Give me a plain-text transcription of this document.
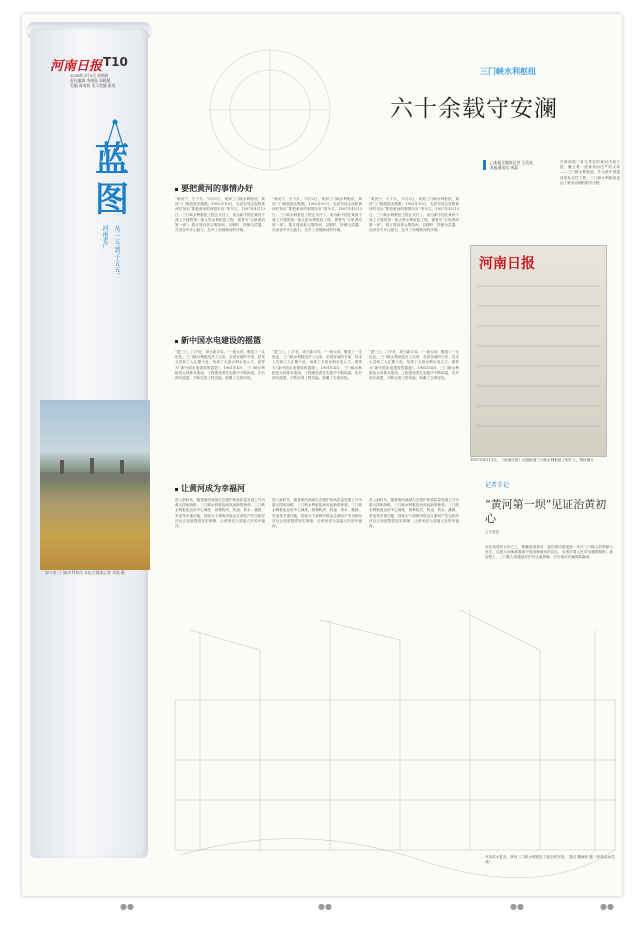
河南日报 T10
2026年3月5日 星期四
责任编辑 李晓嘉 周媛媛
美编 周鸿斌 见习美编 张冉
蓝图
河南老广 从‘一五’到‘十五五’
如今的三门峡水利枢纽 本报全媒体记者 邓放 摄
三门峡水利枢纽
六十余载守安澜
□本报全媒体记者 王昊亮
本报通讯员 周蕊
在黄河陕三省交界处的黄河中游下段，矗立着一座雄伟而庄严的大坝——三门峡水利枢纽。作为新中国建设的标志性工程，三门峡水利枢纽见证了黄河治理的艰辛历程。
要把黄河的事情办好
“黄河宁，天下平。”3月2日，来到三门峡水利枢纽，黄河三门峡段波光粼粼。1952年10月，毛泽东同志视察黄河时发出“要把黄河的事情办好”的号召。1957年4月13日，三门峡水利枢纽工程正式开工，成为新中国在黄河干流上兴建的第一座大型水利枢纽工程，被誉为“万里黄河第一坝”。数万建设者云集陕州，以钢钎、铁锤为武器，在河谷中开山凿石，拉开了治理黄河的序幕。
“黄河宁，天下平。”3月2日，来到三门峡水利枢纽，黄河三门峡段波光粼粼。1952年10月，毛泽东同志视察黄河时发出“要把黄河的事情办好”的号召。1957年4月13日，三门峡水利枢纽工程正式开工，成为新中国在黄河干流上兴建的第一座大型水利枢纽工程，被誉为“万里黄河第一坝”。数万建设者云集陕州，以钢钎、铁锤为武器，在河谷中开山凿石，拉开了治理黄河的序幕。
“黄河宁，天下平。”3月2日，来到三门峡水利枢纽，黄河三门峡段波光粼粼。1952年10月，毛泽东同志视察黄河时发出“要把黄河的事情办好”的号召。1957年4月13日，三门峡水利枢纽工程正式开工，成为新中国在黄河干流上兴建的第一座大型水利枢纽工程，被誉为“万里黄河第一坝”。数万建设者云集陕州，以钢钎、铁锤为武器，在河谷中开山凿石，拉开了治理黄河的序幕。
新中国水电建设的摇篮
“建三门，门不在，坝日新月异。”一座大坝，锻造了一支队伍。三门峡水利枢纽开工以来，全国各地的专家、技术人员和工人汇聚于此，培养了大批水利水电人才，被誉为“新中国水电建设的摇篮”。1961年4月，三门峡水利枢纽大坝基本建成。工程建设者在实践中不断探索，先后两次改建，不断完善工程功能，积累了宝贵经验。
“建三门，门不在，坝日新月异。”一座大坝，锻造了一支队伍。三门峡水利枢纽开工以来，全国各地的专家、技术人员和工人汇聚于此，培养了大批水利水电人才，被誉为“新中国水电建设的摇篮”。1961年4月，三门峡水利枢纽大坝基本建成。工程建设者在实践中不断探索，先后两次改建，不断完善工程功能，积累了宝贵经验。
“建三门，门不在，坝日新月异。”一座大坝，锻造了一支队伍。三门峡水利枢纽开工以来，全国各地的专家、技术人员和工人汇聚于此，培养了大批水利水电人才，被誉为“新中国水电建设的摇篮”。1961年4月，三门峡水利枢纽大坝基本建成。工程建设者在实践中不断探索，先后两次改建，不断完善工程功能，积累了宝贵经验。
让黄河成为幸福河
进入新时代，随着黄河流域生态保护和高质量发展上升为重大国家战略，三门峡水利枢纽肩负起新的使命。三门峡水利枢纽运用中心调度，统筹防洪、防凌、供水、灌溉、发电等多重功能，持续为下游两岸群众生命财产安全和经济社会发展提供坚实保障，让黄河成为造福人民的幸福河。
进入新时代，随着黄河流域生态保护和高质量发展上升为重大国家战略，三门峡水利枢纽肩负起新的使命。三门峡水利枢纽运用中心调度，统筹防洪、防凌、供水、灌溉、发电等多重功能，持续为下游两岸群众生命财产安全和经济社会发展提供坚实保障，让黄河成为造福人民的幸福河。
进入新时代，随着黄河流域生态保护和高质量发展上升为重大国家战略，三门峡水利枢纽肩负起新的使命。三门峡水利枢纽运用中心调度，统筹防洪、防凌、供水、灌溉、发电等多重功能，持续为下游两岸群众生命财产安全和经济社会发展提供坚实保障，让黄河成为造福人民的幸福河。
河南日报
1957年4月13日，《河南日报》头版报道三门峡水利枢纽工程开工。资料图片
记者手记
“黄河第一坝”见证治黄初心
□王昊亮
站在高耸的大坝之上，俯瞰滚滚黄河，我们深切感受到一代代三门峡人的奉献与坚守。这座大坝承载着新中国治理黄河的初心，也寄托着人民对安澜的期盼。新征程上，三门峡人将继续守护好这道屏障，书写黄河安澜的新篇章。
丹凤洪水复兆，黄河三门峡水利枢纽工程全面开放。 我们 魏海欣 题（该张由AI生成）
●●	●●	●●	●●
